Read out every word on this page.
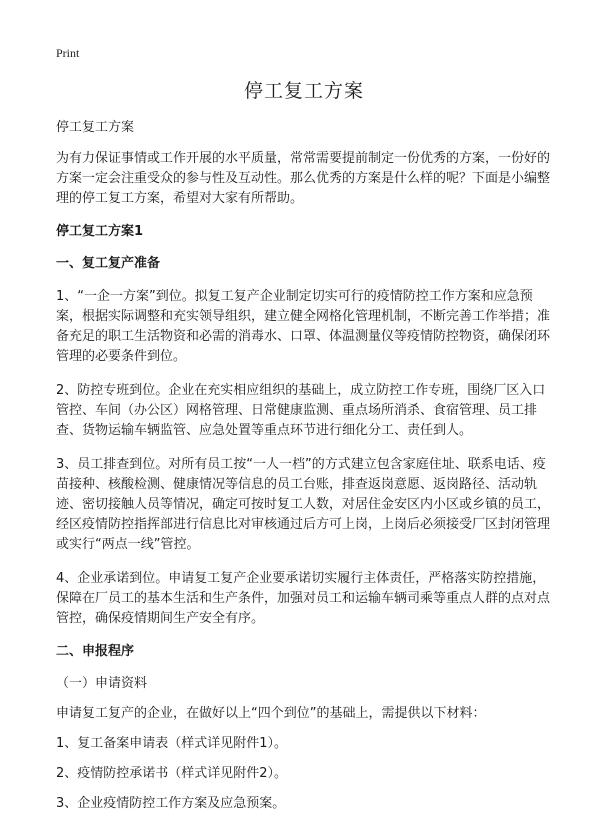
Print
停工复工方案
停工复工方案

为有力保证事情或工作开展的水平质量，常常需要提前制定一份优秀的方案，一份好的方案一定会注重受众的参与性及互动性。那么优秀的方案是什么样的呢？下面是小编整理的停工复工方案，希望对大家有所帮助。

停工复工方案1
一、复工复产准备

1、“一企一方案”到位。拟复工复产企业制定切实可行的疫情防控工作方案和应急预案，根据实际调整和充实领导组织，建立健全网格化管理机制，不断完善工作举措；准备充足的职工生活物资和必需的消毒水、口罩、体温测量仪等疫情防控物资，确保闭环管理的必要条件到位。

2、防控专班到位。企业在充实相应组织的基础上，成立防控工作专班，围绕厂区入口管控、车间（办公区）网格管理、日常健康监测、重点场所消杀、食宿管理、员工排查、货物运输车辆监管、应急处置等重点环节进行细化分工、责任到人。

3、员工排查到位。对所有员工按“一人一档”的方式建立包含家庭住址、联系电话、疫苗接种、核酸检测、健康情况等信息的员工台账，排查返岗意愿、返岗路径、活动轨迹、密切接触人员等情况，确定可按时复工人数，对居住金安区内小区或乡镇的员工，经区疫情防控指挥部进行信息比对审核通过后方可上岗，上岗后必须接受厂区封闭管理或实行“两点一线”管控。

4、企业承诺到位。申请复工复产企业要承诺切实履行主体责任，严格落实防控措施，保障在厂员工的基本生活和生产条件，加强对员工和运输车辆司乘等重点人群的点对点管控，确保疫情期间生产安全有序。

二、申报程序
（一）申请资料
申请复工复产的企业，在做好以上“四个到位”的基础上，需提供以下材料：
1、复工备案申请表（样式详见附件1）。
2、疫情防控承诺书（样式详见附件2）。
3、企业疫情防控工作方案及应急预案。
